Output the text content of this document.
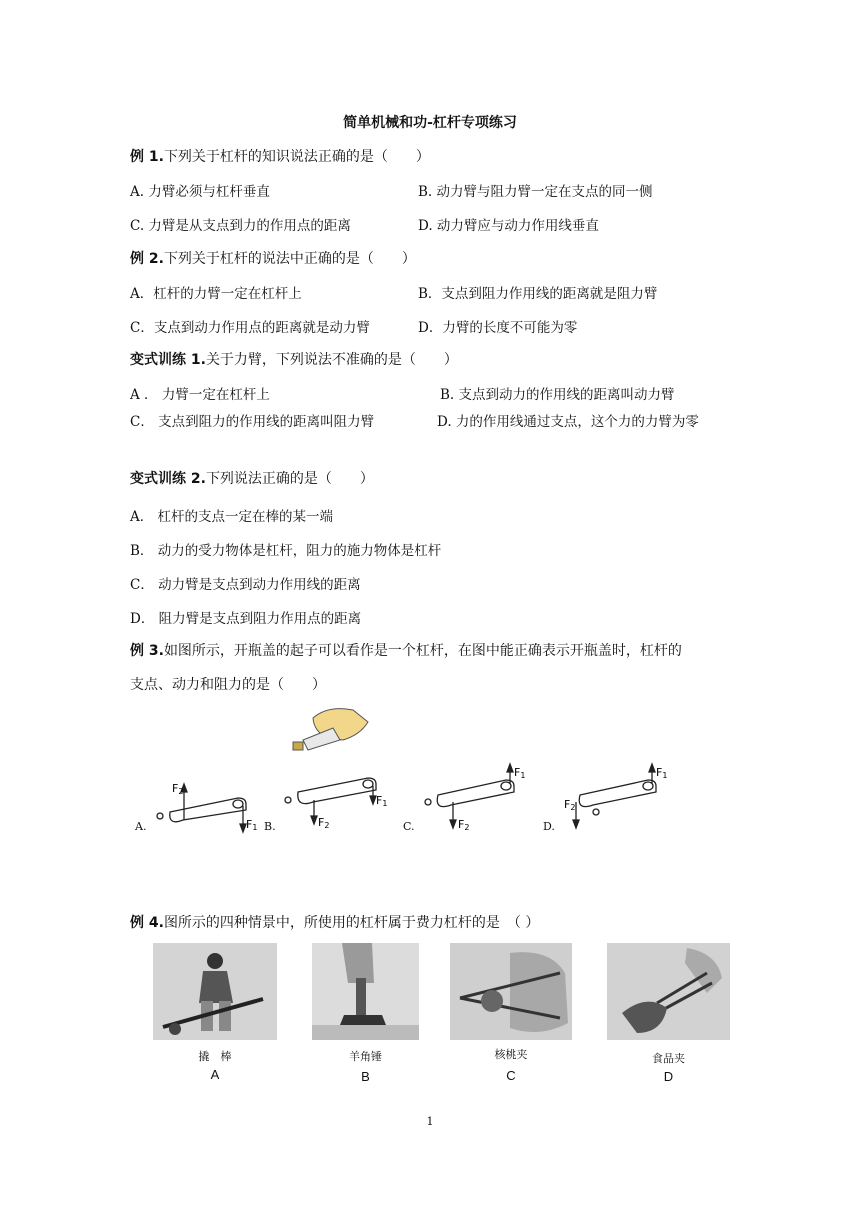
简单机械和功-杠杆专项练习
例 1.下列关于杠杆的知识说法正确的是（　　）
A. 力臂必须与杠杆垂直	B. 动力臂与阻力臂一定在支点的同一侧
C. 力臂是从支点到力的作用点的距离	D. 动力臂应与动力作用线垂直
例 2.下列关于杠杆的说法中正确的是（　　）
A．杠杆的力臂一定在杠杆上	B．支点到阻力作用线的距离就是阻力臂
C．支点到动力作用点的距离就是动力臂	D．力臂的长度不可能为零
变式训练 1.关于力臂，下列说法不准确的是（　　）
A ． 力臂一定在杠杆上	B. 支点到动力的作用线的距离叫动力臂
C． 支点到阻力的作用线的距离叫阻力臂	D. 力的作用线通过支点，这个力的力臂为零
变式训练 2.下列说法正确的是（　　）
A． 杠杆的支点一定在棒的某一端
B． 动力的受力物体是杠杆，阻力的施力物体是杠杆
C． 动力臂是支点到动力作用线的距离
D． 阻力臂是支点到阻力作用点的距离
例 3.如图所示，开瓶盖的起子可以看作是一个杠杆，在图中能正确表示开瓶盖时，杠杆的
支点、动力和阻力的是（　　）
F2
F1	F2
F1
F2
F1
F2
F1
A.	B.	C.	D.
例 4.图所示的四种情景中，所使用的杠杆属于费力杠杆的是　（ ）
撬　棒	羊角锤	核桃夹	食品夹
A	B	C	D
1
